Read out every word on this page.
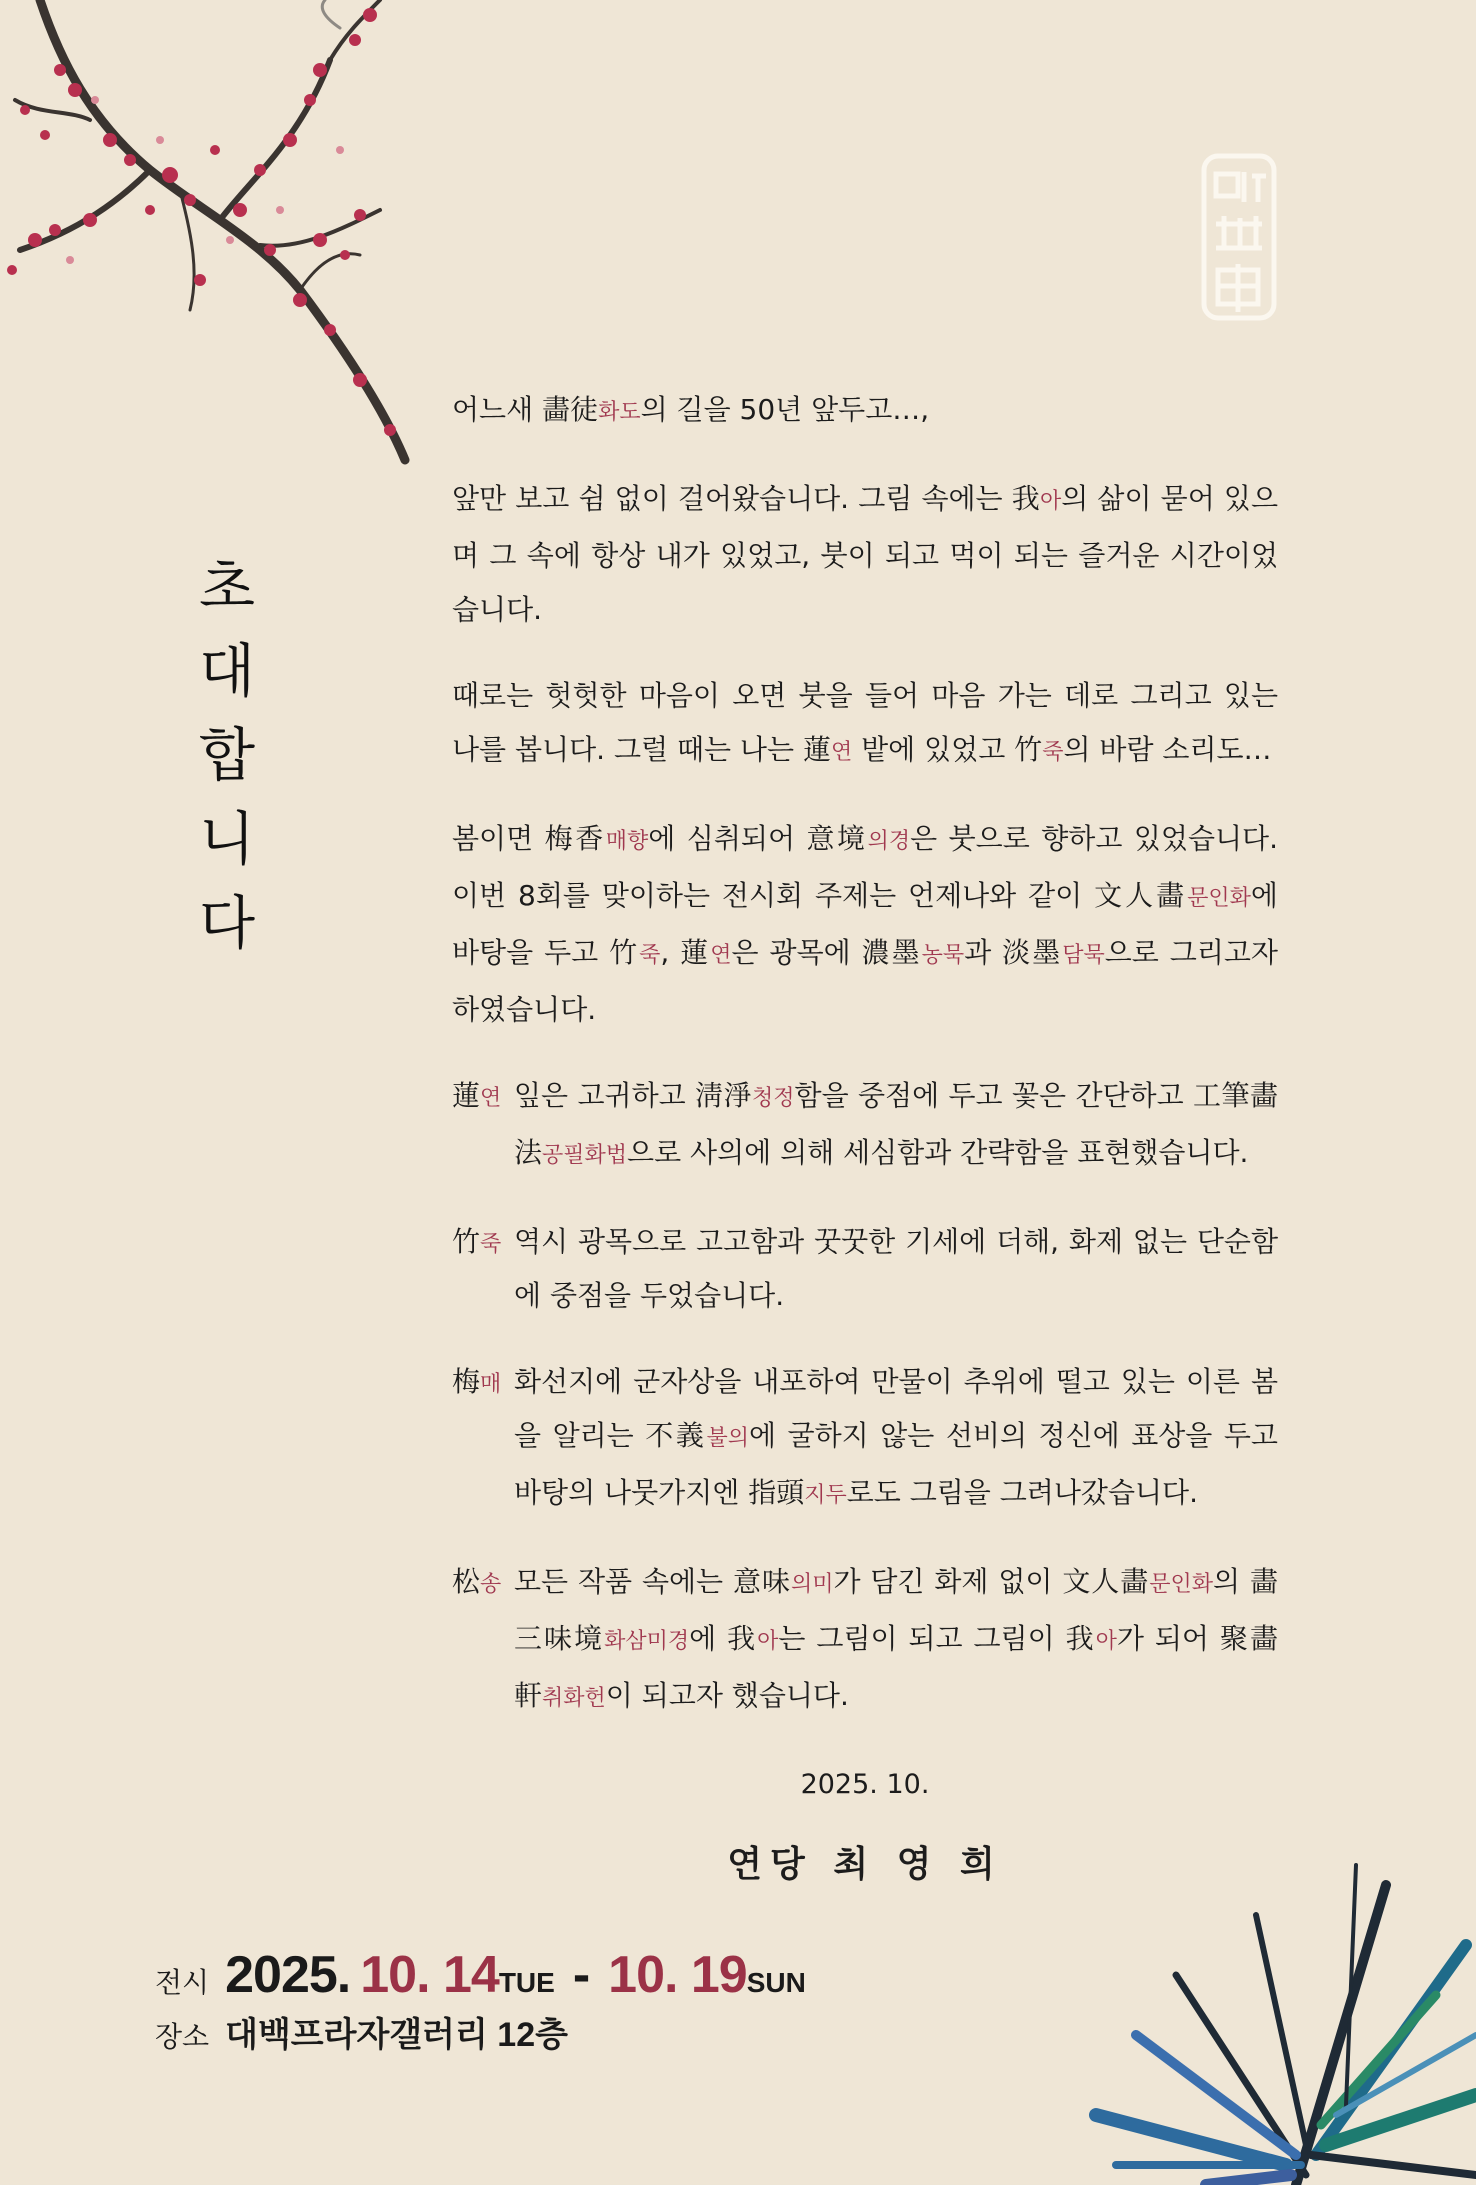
초
대
합
니
다

어느새 畵徒화도의 길을 50년 앞두고…,

앞만 보고 쉼 없이 걸어왔습니다. 그림 속에는 我아의 삶이 묻어 있으며 그 속에 항상 내가 있었고, 붓이 되고 먹이 되는 즐거운 시간이었습니다.

때로는 헛헛한 마음이 오면 붓을 들어 마음 가는 데로 그리고 있는 나를 봅니다. 그럴 때는 나는 蓮연 밭에 있었고 竹죽의 바람 소리도…

봄이면 梅香매향에 심취되어 意境의경은 붓으로 향하고 있었습니다. 이번 8회를 맞이하는 전시회 주제는 언제나와 같이 文人畵문인화에 바탕을 두고 竹죽, 蓮연은 광목에 濃墨농묵과 淡墨담묵으로 그리고자 하였습니다.

蓮연 잎은 고귀하고 淸淨청정함을 중점에 두고 꽃은 간단하고 工筆畵法공필화법으로 사의에 의해 세심함과 간략함을 표현했습니다.
竹죽 역시 광목으로 고고함과 꿋꿋한 기세에 더해, 화제 없는 단순함에 중점을 두었습니다.
梅매 화선지에 군자상을 내포하여 만물이 추위에 떨고 있는 이른 봄을 알리는 不義불의에 굴하지 않는 선비의 정신에 표상을 두고 바탕의 나뭇가지엔 指頭지두로도 그림을 그려나갔습니다.
松송 모든 작품 속에는 意味의미가 담긴 화제 없이 文人畵문인화의 畵三味境화삼미경에 我아는 그림이 되고 그림이 我아가 되어 聚畵軒취화헌이 되고자 했습니다.
2025. 10.
연당 최 영 희
전시 2025. 10. 14 TUE - 10. 19 SUN
장소 대백프라자갤러리 12층
